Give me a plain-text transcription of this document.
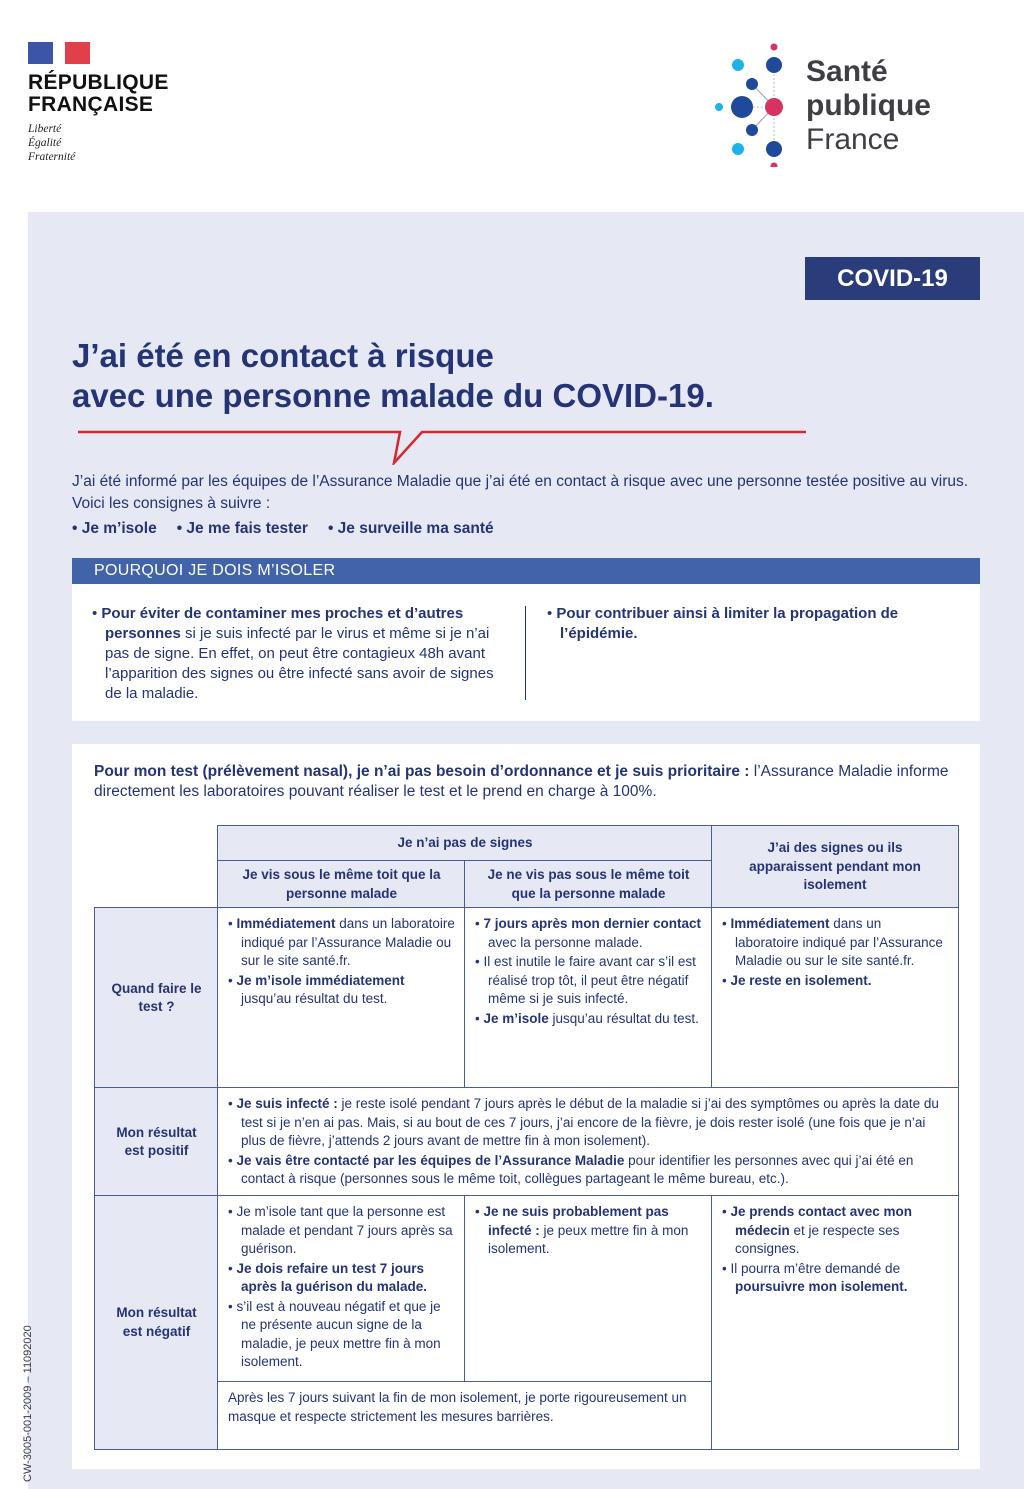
RÉPUBLIQUE
FRANÇAISE
Liberté
Égalité
Fraternité
Santé
publique
France
COVID-19
J’ai été en contact à risque
avec une personne malade du COVID-19.

J’ai été informé par les équipes de l’Assurance Maladie que j’ai été en contact à risque avec une personne testée positive au virus. Voici les consignes à suivre :

• Je m’isole • Je me fais tester • Je surveille ma santé
POURQUOI JE DOIS M’ISOLER
• Pour éviter de contaminer mes proches et d’autres personnes si je suis infecté par le virus et même si je n’ai pas de signe. En effet, on peut être contagieux 48h avant l’apparition des signes ou être infecté sans avoir de signes de la maladie.
• Pour contribuer ainsi à limiter la propagation de l’épidémie.

Pour mon test (prélèvement nasal), je n’ai pas besoin d’ordonnance et je suis prioritaire : l’Assurance Maladie informe directement les laboratoires pouvant réaliser le test et le prend en charge à 100%.

Je n’ai pas de signes
Je vis sous le même toit que la personne malade
Je ne vis pas sous le même toit que la personne malade
J’ai des signes ou ils apparaissent pendant mon isolement
Quand faire le test ?
• Immédiatement dans un laboratoire indiqué par l’Assurance Maladie ou sur le site santé.fr.
• Je m’isole immédiatement jusqu’au résultat du test.
• 7 jours après mon dernier contact avec la personne malade.
• Il est inutile le faire avant car s’il est réalisé trop tôt, il peut être négatif même si je suis infecté.
• Je m’isole jusqu’au résultat du test.
• Immédiatement dans un laboratoire indiqué par l’Assurance Maladie ou sur le site santé.fr.
• Je reste en isolement.
Mon résultat est positif
• Je suis infecté : je reste isolé pendant 7 jours après le début de la maladie si j’ai des symptômes ou après la date du test si je n’en ai pas. Mais, si au bout de ces 7 jours, j’ai encore de la fièvre, je dois rester isolé (une fois que je n’ai plus de fièvre, j’attends 2 jours avant de mettre fin à mon isolement).
• Je vais être contacté par les équipes de l’Assurance Maladie pour identifier les personnes avec qui j’ai été en contact à risque (personnes sous le même toit, collègues partageant le même bureau, etc.).
Mon résultat est négatif
• Je m’isole tant que la personne est malade et pendant 7 jours après sa guérison.
• Je dois refaire un test 7 jours après la guérison du malade.
• s’il est à nouveau négatif et que je ne présente aucun signe de la maladie, je peux mettre fin à mon isolement.
• Je ne suis probablement pas infecté : je peux mettre fin à mon isolement.
Après les 7 jours suivant la fin de mon isolement, je porte rigoureusement un masque et respecte strictement les mesures barrières.
• Je prends contact avec mon médecin et je respecte ses consignes.
• Il pourra m’être demandé de poursuivre mon isolement.
CW-3005-001-2009 – 11092020
